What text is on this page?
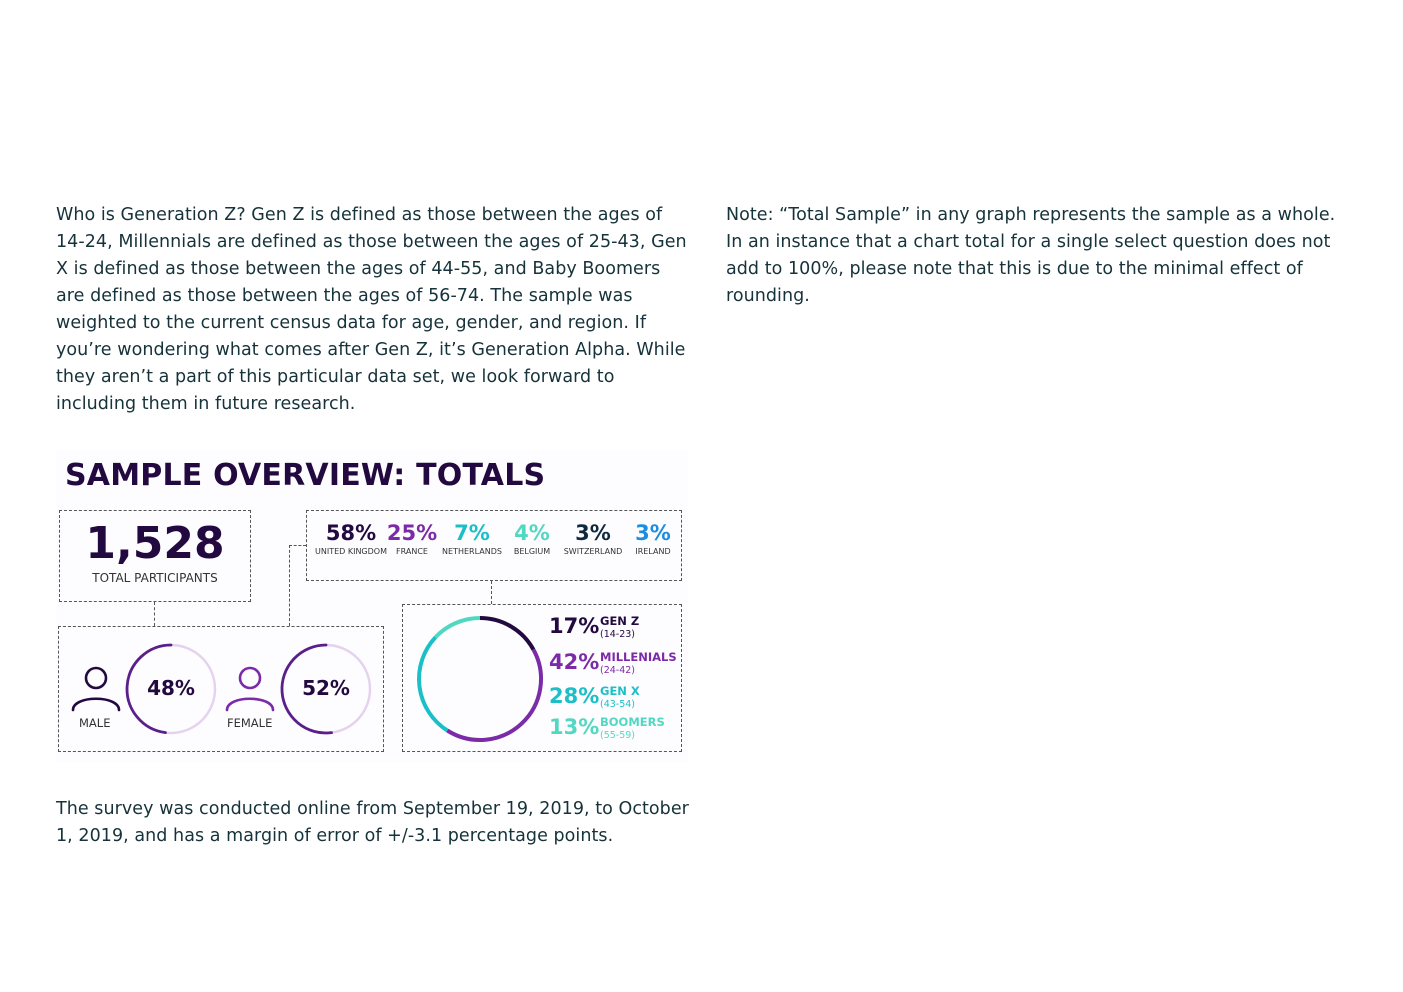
Who is Generation Z? Gen Z is defined as those between the ages of 14-24, Millennials are defined as those between the ages of 25-43, Gen X is defined as those between the ages of 44-55, and Baby Boomers are defined as those between the ages of 56-74. The sample was weighted to the current census data for age, gender, and region. If you’re wondering what comes after Gen Z, it’s Generation Alpha. While they aren’t a part of this particular data set, we look forward to including them in future research.

Note: “Total Sample” in any graph represents the sample as a whole. In an instance that a chart total for a single select question does not add to 100%, please note that this is due to the minimal effect of rounding.

SAMPLE OVERVIEW: TOTALS
1,528
TOTAL PARTICIPANTS
58%
UNITED KINGDOM
25%
FRANCE
7%
NETHERLANDS
4%
BELGIUM
3%
SWITZERLAND
3%
IRELAND
MALE
48%
FEMALE
52%
17% GEN Z
(14-23)
42% MILLENIALS
(24-42)
28% GEN X
(43-54)
13% BOOMERS
(55-59)

The survey was conducted online from September 19, 2019, to October 1, 2019, and has a margin of error of +/-3.1 percentage points.
